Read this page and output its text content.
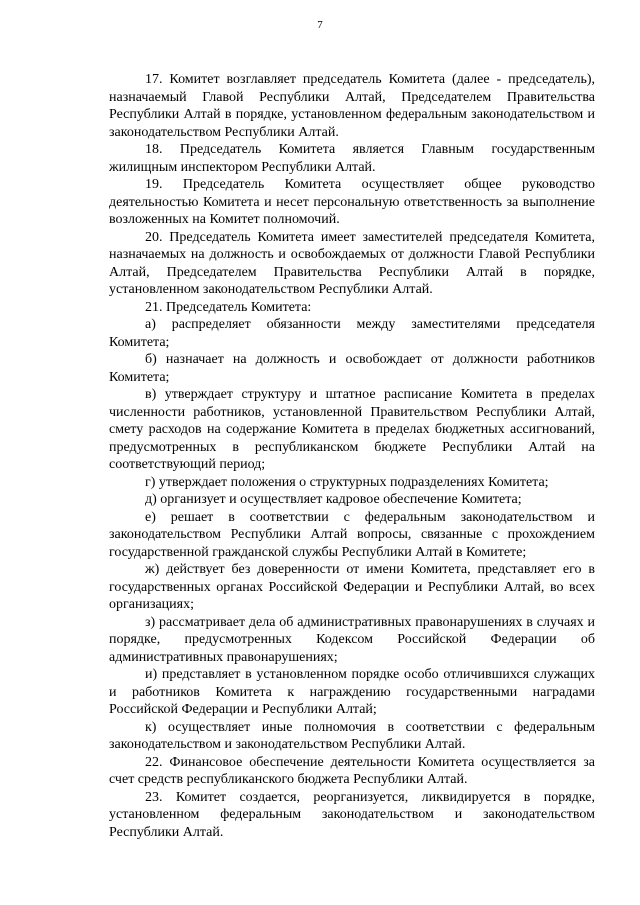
7

17. Комитет возглавляет председатель Комитета (далее - председатель), назначаемый Главой Республики Алтай, Председателем Правительства Республики Алтай в порядке, установленном федеральным законодательством и законодательством Республики Алтай.

18. Председатель Комитета является Главным государственным жилищным инспектором Республики Алтай.

19. Председатель Комитета осуществляет общее руководство деятельностью Комитета и несет персональную ответственность за выполнение возложенных на Комитет полномочий.

20. Председатель Комитета имеет заместителей председателя Комитета, назначаемых на должность и освобождаемых от должности Главой Республики Алтай, Председателем Правительства Республики Алтай в порядке, установленном законодательством Республики Алтай.

21. Председатель Комитета:

а) распределяет обязанности между заместителями председателя Комитета;

б) назначает на должность и освобождает от должности работников Комитета;

в) утверждает структуру и штатное расписание Комитета в пределах численности работников, установленной Правительством Республики Алтай, смету расходов на содержание Комитета в пределах бюджетных ассигнований, предусмотренных в республиканском бюджете Республики Алтай на соответствующий период;

г) утверждает положения о структурных подразделениях Комитета;

д) организует и осуществляет кадровое обеспечение Комитета;

е) решает в соответствии с федеральным законодательством и законодательством Республики Алтай вопросы, связанные с прохождением государственной гражданской службы Республики Алтай в Комитете;

ж) действует без доверенности от имени Комитета, представляет его в государственных органах Российской Федерации и Республики Алтай, во всех организациях;

з) рассматривает дела об административных правонарушениях в случаях и порядке, предусмотренных Кодексом Российской Федерации об административных правонарушениях;

и) представляет в установленном порядке особо отличившихся служащих и работников Комитета к награждению государственными наградами Российской Федерации и Республики Алтай;

к) осуществляет иные полномочия в соответствии с федеральным законодательством и законодательством Республики Алтай.

22. Финансовое обеспечение деятельности Комитета осуществляется за счет средств республиканского бюджета Республики Алтай.

23. Комитет создается, реорганизуется, ликвидируется в порядке, установленном федеральным законодательством и законодательством Республики Алтай.
